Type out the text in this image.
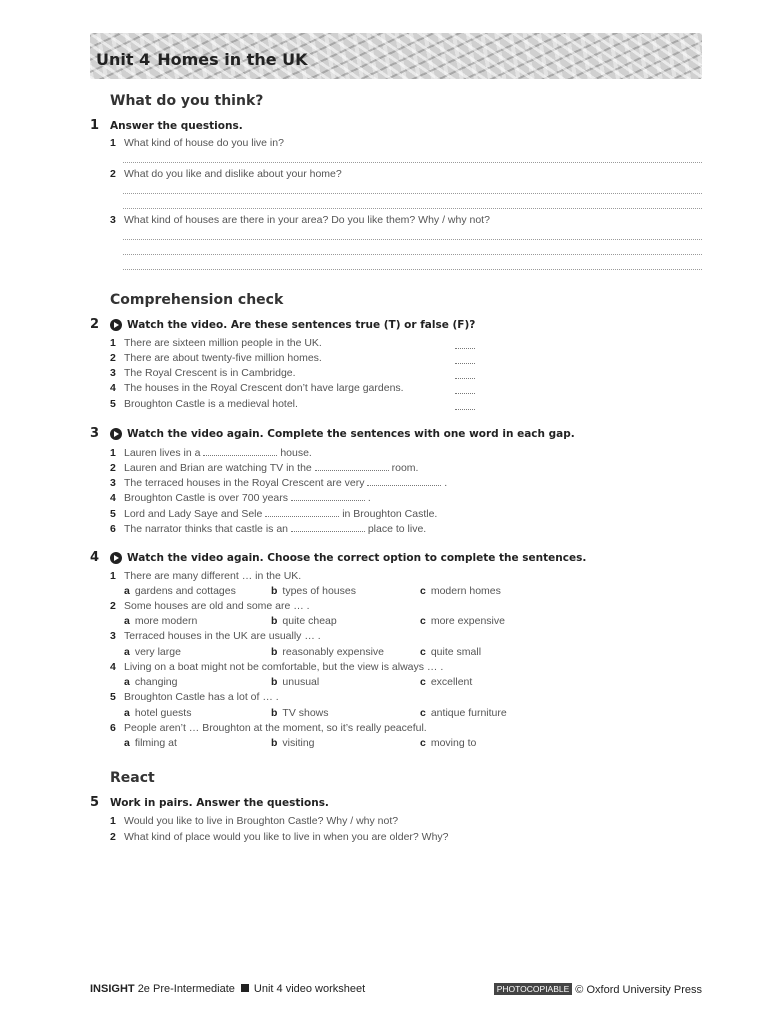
Unit 4 Homes in the UK
What do you think?
1 Answer the questions.
1 What kind of house do you live in?
2 What do you like and dislike about your home?
3 What kind of houses are there in your area? Do you like them? Why / why not?
Comprehension check
2	Watch the video. Are these sentences true (T) or false (F)?
1 There are sixteen million people in the UK.
2 There are about twenty-five million homes.
3 The Royal Crescent is in Cambridge.
4 The houses in the Royal Crescent don’t have large gardens.
5 Broughton Castle is a medieval hotel.
3	Watch the video again. Complete the sentences with one word in each gap.
1 Lauren lives in a	house.
2 Lauren and Brian are watching TV in the	room.
3 The terraced houses in the Royal Crescent are very	.
4 Broughton Castle is over 700 years	.
5 Lord and Lady Saye and Sele	in Broughton Castle.
6 The narrator thinks that castle is an	place to live.
4	Watch the video again. Choose the correct option to complete the sentences.
1 There are many different … in the UK.
a gardens and cottages	b types of houses	c modern homes
2 Some houses are old and some are … .
a more modern	b quite cheap	c more expensive
3 Terraced houses in the UK are usually … .
a very large	b reasonably expensive	c quite small
4 Living on a boat might not be comfortable, but the view is always … .
a changing	b unusual	c excellent
5 Broughton Castle has a lot of … .
a hotel guests	b TV shows	c antique furniture
6 People aren’t … Broughton at the moment, so it’s really peaceful.
a filming at	b visiting	c moving to
React
5 Work in pairs. Answer the questions.
1 Would you like to live in Broughton Castle? Why / why not?
2 What kind of place would you like to live in when you are older? Why?
INSIGHT 2e Pre-Intermediate Unit 4 video worksheet	PHOTOCOPIABLE © Oxford University Press
